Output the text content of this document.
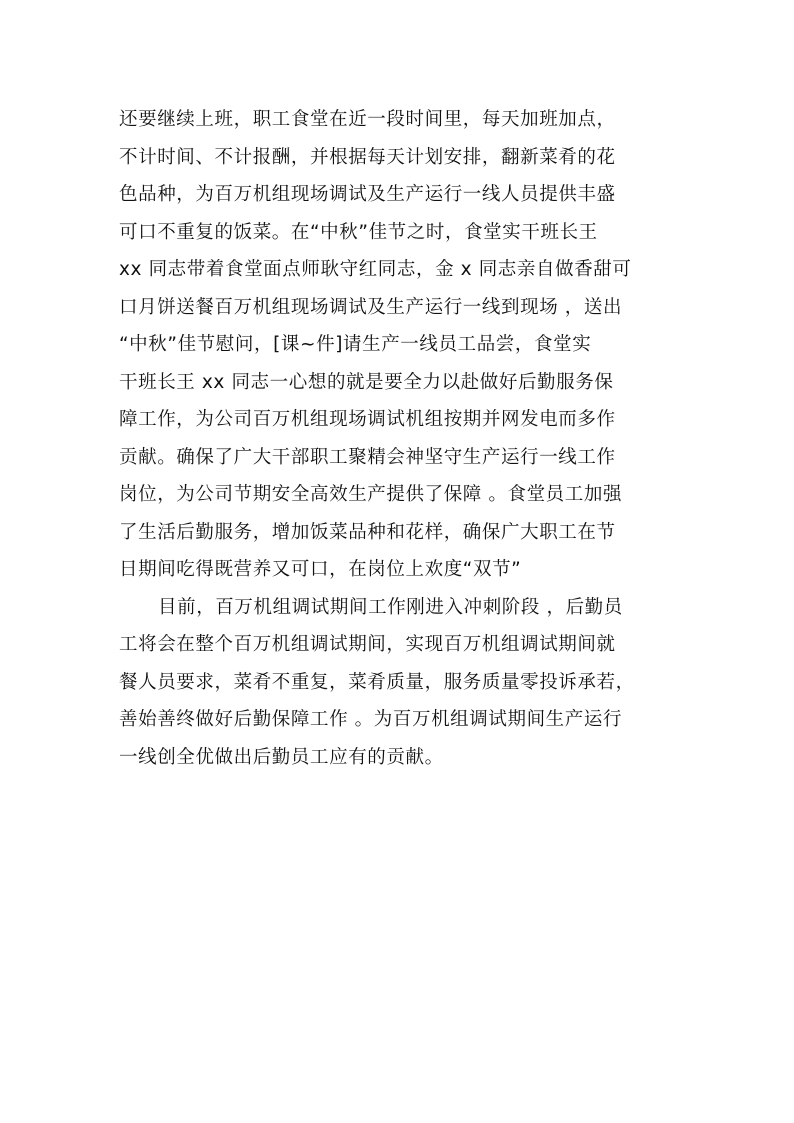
还要继续上班，职工食堂在近一段时间里，每天加班加点，
不计时间、不计报酬，并根据每天计划安排，翻新菜肴的花
色品种，为百万机组现场调试及生产运行一线人员提供丰盛
可口不重复的饭菜。在“中秋”佳节之时，食堂实干班长王
xx 同志带着食堂面点师耿守红同志，金 x 同志亲自做香甜可
口月饼送餐百万机组现场调试及生产运行一线到现场 ，送出
“中秋”佳节慰问，[课~件]请生产一线员工品尝，食堂实
干班长王 xx 同志一心想的就是要全力以赴做好后勤服务保
障工作，为公司百万机组现场调试机组按期并网发电而多作
贡献。确保了广大干部职工聚精会神坚守生产运行一线工作
岗位，为公司节期安全高效生产提供了保障 。食堂员工加强
了生活后勤服务，增加饭菜品种和花样，确保广大职工在节
日期间吃得既营养又可口，在岗位上欢度“双节”
目前，百万机组调试期间工作刚进入冲刺阶段 ，后勤员
工将会在整个百万机组调试期间，实现百万机组调试期间就
餐人员要求，菜肴不重复，菜肴质量，服务质量零投诉承若，
善始善终做好后勤保障工作 。为百万机组调试期间生产运行
一线创全优做出后勤员工应有的贡献。
